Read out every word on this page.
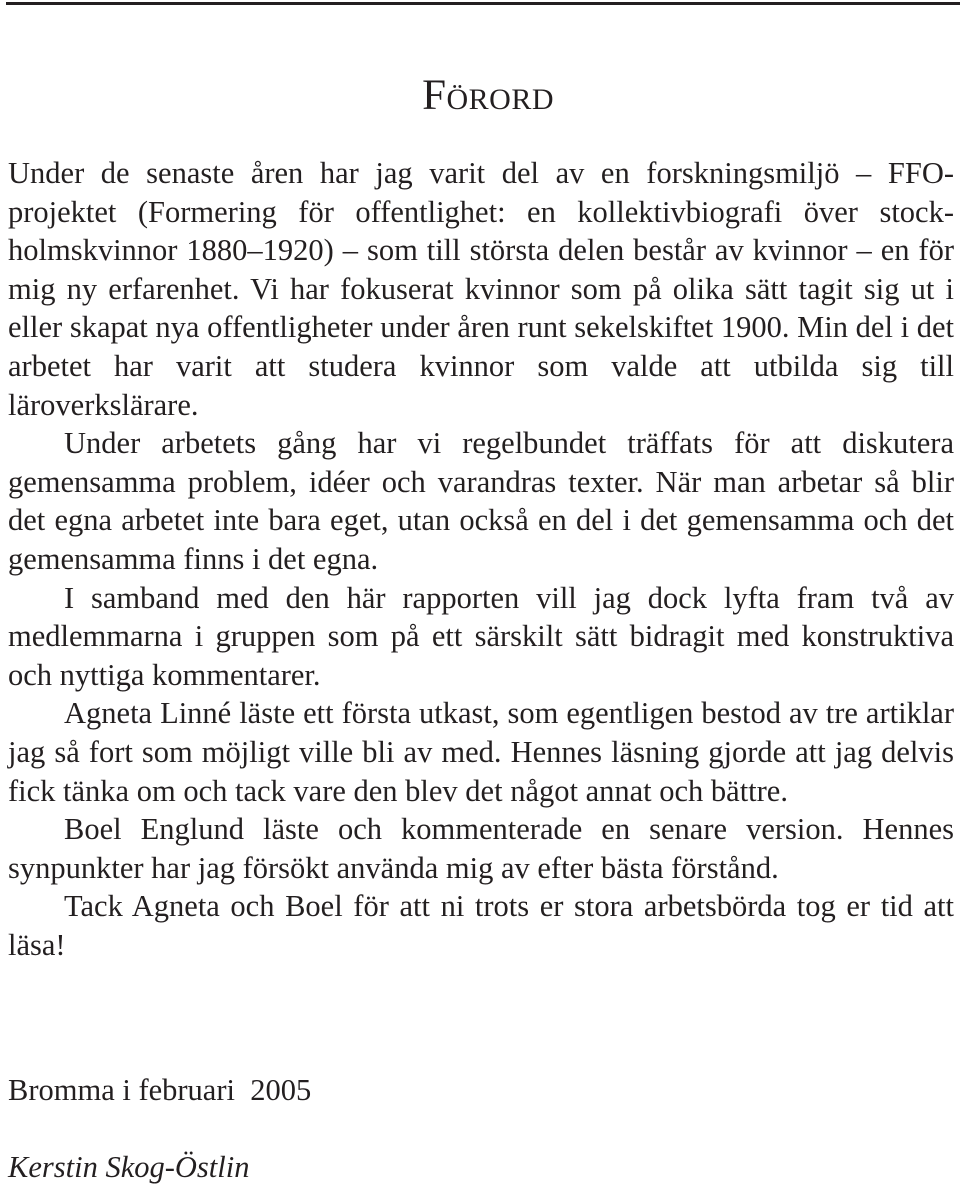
Förord

Under de senaste åren har jag varit del av en forskningsmiljö – FFO-projektet (Formering för offentlighet: en kollektivbiografi över stockholmskvinnor 1880–1920) – som till största delen består av kvinnor – en för mig ny erfarenhet. Vi har fokuserat kvinnor som på olika sätt tagit sig ut i eller skapat nya offentligheter under åren runt sekelskiftet 1900. Min del i det arbetet har varit att studera kvinnor som valde att utbilda sig till läroverkslärare.

Under arbetets gång har vi regelbundet träffats för att diskutera gemensamma problem, idéer och varandras texter. När man arbetar så blir det egna arbetet inte bara eget, utan också en del i det gemensamma och det gemensamma finns i det egna.

I samband med den här rapporten vill jag dock lyfta fram två av medlemmarna i gruppen som på ett särskilt sätt bidragit med konstruktiva och nyttiga kommentarer.

Agneta Linné läste ett första utkast, som egentligen bestod av tre artiklar jag så fort som möjligt ville bli av med. Hennes läsning gjorde att jag delvis fick tänka om och tack vare den blev det något annat och bättre.

Boel Englund läste och kommenterade en senare version. Hennes synpunkter har jag försökt använda mig av efter bästa förstånd.

Tack Agneta och Boel för att ni trots er stora arbetsbörda tog er tid att läsa!

Bromma i februari  2005
Kerstin Skog-Östlin
